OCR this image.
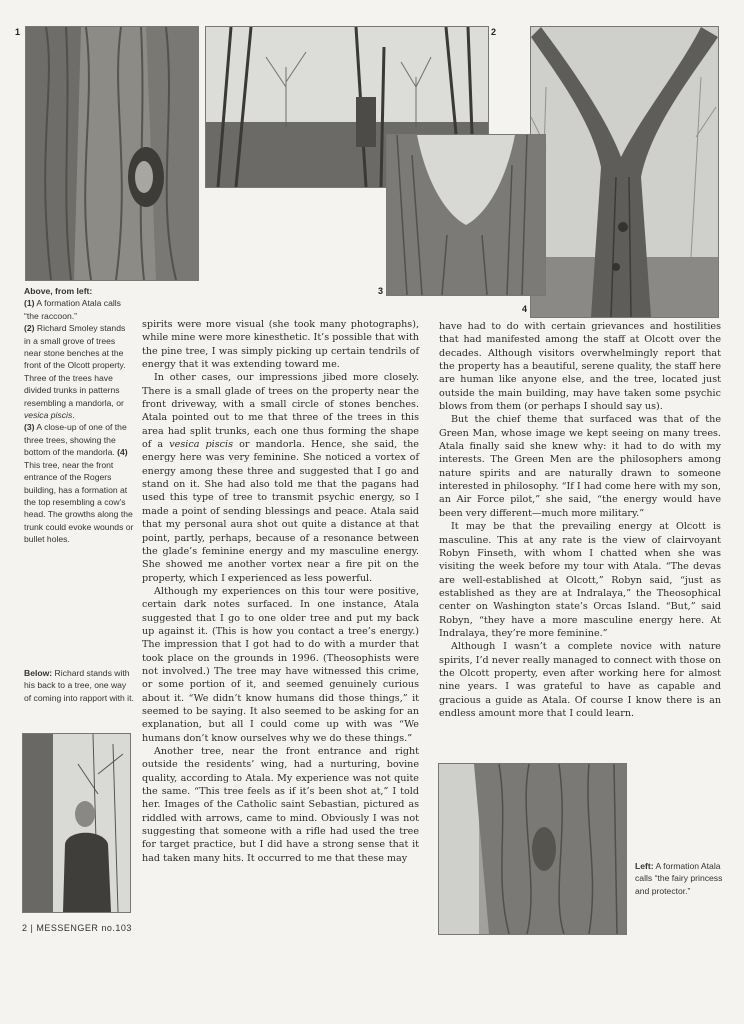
1	2
4
3
Above, from left:
(1) A formation Atala calls “the raccoon.”
(2) Richard Smoley stands in a small grove of trees near stone benches at the front of the Olcott property. Three of the trees have divided trunks in patterns resembling a mandorla, or vesica piscis.
(3) A close-up of one of the three trees, showing the bottom of the mandorla. (4) This tree, near the front entrance of the Rogers building, has a formation at the top resembling a cow’s head. The growths along the trunk could evoke wounds or bullet holes.
Below: Richard stands with his back to a tree, one way of coming into rapport with it.

spirits were more visual (she took many photographs), while mine were more kinesthetic. It’s possible that with the pine tree, I was simply picking up certain tendrils of energy that it was extending toward me.

In other cases, our impressions jibed more closely. There is a small glade of trees on the property near the front driveway, with a small circle of stones benches. Atala pointed out to me that three of the trees in this area had split trunks, each one thus forming the shape of a vesica piscis or mandorla. Hence, she said, the energy here was very feminine. She noticed a vortex of energy among these three and suggested that I go and stand on it. She had also told me that the pagans had used this type of tree to transmit psychic energy, so I made a point of sending blessings and peace. Atala said that my personal aura shot out quite a distance at that point, partly, perhaps, because of a resonance between the glade’s feminine energy and my masculine energy. She showed me another vortex near a fire pit on the property, which I experienced as less powerful.

Although my experiences on this tour were positive, certain dark notes surfaced. In one instance, Atala suggested that I go to one older tree and put my back up against it. (This is how you contact a tree’s energy.) The impression that I got had to do with a murder that took place on the grounds in 1996. (Theosophists were not involved.) The tree may have witnessed this crime, or some portion of it, and seemed genuinely curious about it. “We didn’t know humans did those things,” it seemed to be saying. It also seemed to be asking for an explanation, but all I could come up with was “We humans don’t know ourselves why we do these things.”

Another tree, near the front entrance and right outside the residents’ wing, had a nurturing, bovine quality, according to Atala. My experience was not quite the same. “This tree feels as if it’s been shot at,” I told her. Images of the Catholic saint Sebastian, pictured as riddled with arrows, came to mind. Obviously I was not suggesting that someone with a rifle had used the tree for target practice, but I did have a strong sense that it had taken many hits. It occurred to me that these may

have had to do with certain grievances and hostilities that had manifested among the staff at Olcott over the decades. Although visitors overwhelmingly report that the property has a beautiful, serene quality, the staff here are human like anyone else, and the tree, located just outside the main building, may have taken some psychic blows from them (or perhaps I should say us).

But the chief theme that surfaced was that of the Green Man, whose image we kept seeing on many trees. Atala finally said she knew why: it had to do with my interests. The Green Men are the philosophers among nature spirits and are naturally drawn to someone interested in philosophy. “If I had come here with my son, an Air Force pilot,” she said, “the energy would have been very different—much more military.”

It may be that the prevailing energy at Olcott is masculine. This at any rate is the view of clairvoyant Robyn Finseth, with whom I chatted when she was visiting the week before my tour with Atala. “The devas are well-established at Olcott,” Robyn said, “just as established as they are at Indralaya,” the Theosophical center on Washington state’s Orcas Island. “But,” said Robyn, “they have a more masculine energy here. At Indralaya, they’re more feminine.”

Although I wasn’t a complete novice with nature spirits, I’d never really managed to connect with those on the Olcott property, even after working here for almost nine years. I was grateful to have as capable and gracious a guide as Atala. Of course I know there is an endless amount more that I could learn.

Left: A formation Atala calls “the fairy princess and protector.”
2 | MESSENGER no.103
